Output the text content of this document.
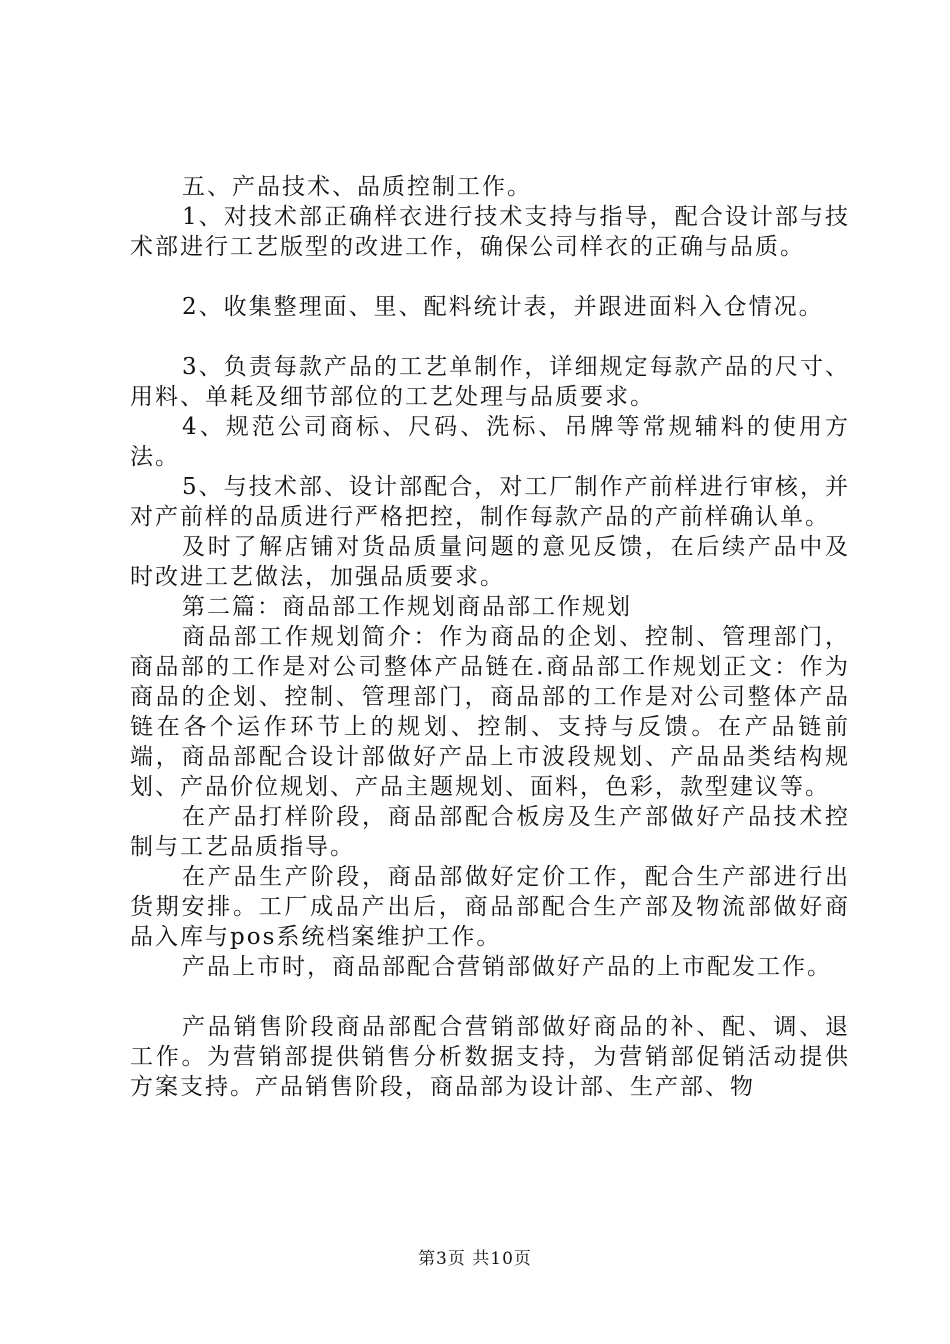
五、产品技术、品质控制工作。

1、对技术部正确样衣进行技术支持与指导，配合设计部与技术部进行工艺版型的改进工作，确保公司样衣的正确与品质。

2、收集整理面、里、配料统计表，并跟进面料入仓情况。

3、负责每款产品的工艺单制作，详细规定每款产品的尺寸、用料、单耗及细节部位的工艺处理与品质要求。

4、规范公司商标、尺码、洗标、吊牌等常规辅料的使用方法。

5、与技术部、设计部配合，对工厂制作产前样进行审核，并对产前样的品质进行严格把控，制作每款产品的产前样确认单。

及时了解店铺对货品质量问题的意见反馈，在后续产品中及时改进工艺做法，加强品质要求。

第二篇：商品部工作规划商品部工作规划

商品部工作规划简介：作为商品的企划、控制、管理部门，商品部的工作是对公司整体产品链在.商品部工作规划正文：作为商品的企划、控制、管理部门，商品部的工作是对公司整体产品链在各个运作环节上的规划、控制、支持与反馈。在产品链前端，商品部配合设计部做好产品上市波段规划、产品品类结构规划、产品价位规划、产品主题规划、面料，色彩，款型建议等。

在产品打样阶段，商品部配合板房及生产部做好产品技术控制与工艺品质指导。

在产品生产阶段，商品部做好定价工作，配合生产部进行出货期安排。工厂成品产出后，商品部配合生产部及物流部做好商品入库与pos系统档案维护工作。

产品上市时，商品部配合营销部做好产品的上市配发工作。

产品销售阶段商品部配合营销部做好商品的补、配、调、退工作。为营销部提供销售分析数据支持，为营销部促销活动提供方案支持。产品销售阶段，商品部为设计部、生产部、物

第3页 共10页
